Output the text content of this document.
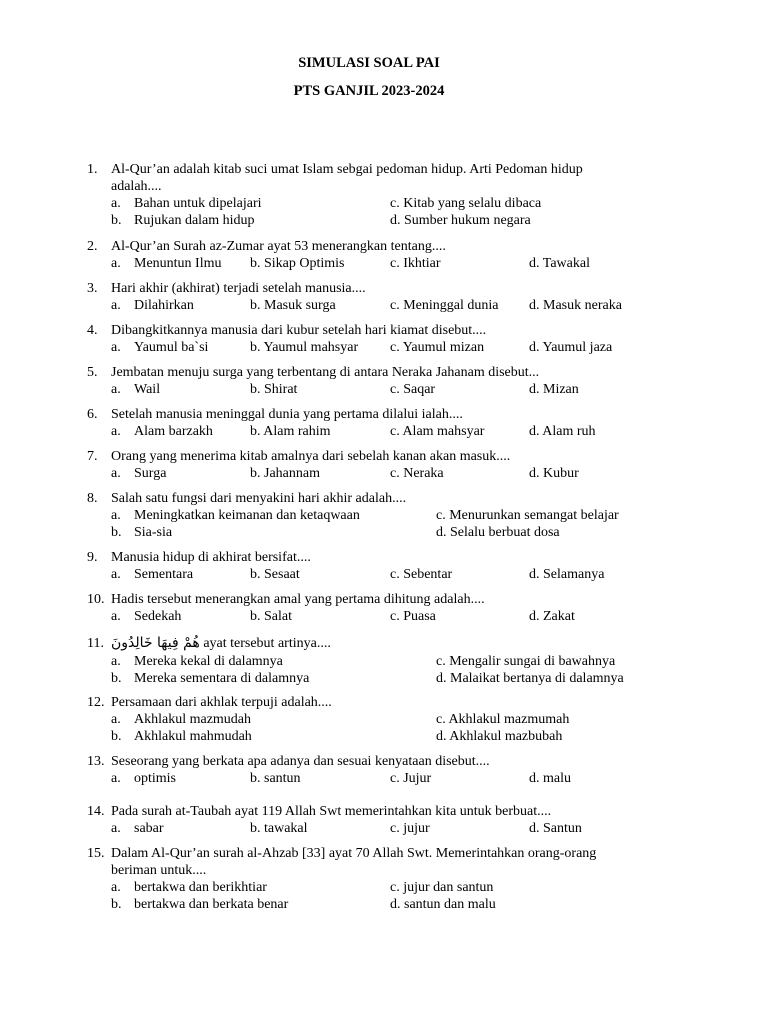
SIMULASI SOAL PAI
PTS GANJIL 2023-2024
1. Al-Qur’an adalah kitab suci umat Islam sebgai pedoman hidup. Arti Pedoman hidup
adalah....
a. Bahan untuk dipelajari	c. Kitab yang selalu dibaca
b. Rujukan dalam hidup	d. Sumber hukum negara
2. Al-Qur’an Surah az-Zumar ayat 53 menerangkan tentang....
a. Menuntun Ilmu b. Sikap Optimis	c. Ikhtiar	d. Tawakal
3. Hari akhir (akhirat) terjadi setelah manusia....
a. Dilahirkan	b. Masuk surga	c. Meninggal dunia d. Masuk neraka
4. Dibangkitkannya manusia dari kubur setelah hari kiamat disebut....
a. Yaumul ba`si	b. Yaumul mahsyar c. Yaumul mizan	d. Yaumul jaza
5. Jembatan menuju surga yang terbentang di antara Neraka Jahanam disebut...
a. Wail	b. Shirat	c. Saqar	d. Mizan
6. Setelah manusia meninggal dunia yang pertama dilalui ialah....
a. Alam barzakh	b. Alam rahim	c. Alam mahsyar	d. Alam ruh
7. Orang yang menerima kitab amalnya dari sebelah kanan akan masuk....
a. Surga	b. Jahannam	c. Neraka	d. Kubur
8. Salah satu fungsi dari menyakini hari akhir adalah....
a. Meningkatkan keimanan dan ketaqwaan	c. Menurunkan semangat belajar
b. Sia-sia	d. Selalu berbuat dosa
9. Manusia hidup di akhirat bersifat....
a. Sementara	b. Sesaat	c. Sebentar	d. Selamanya
10. Hadis tersebut menerangkan amal yang pertama dihitung adalah....
a. Sedekah	b. Salat	c. Puasa	d. Zakat
11. هُمْ فِيهَا خَالِدُونَ ayat tersebut artinya....
a. Mereka kekal di dalamnya	c. Mengalir sungai di bawahnya
b. Mereka sementara di dalamnya	d. Malaikat bertanya di dalamnya
12. Persamaan dari akhlak terpuji adalah....
a. Akhlakul mazmudah	c. Akhlakul mazmumah
b. Akhlakul mahmudah	d. Akhlakul mazbubah
13. Seseorang yang berkata apa adanya dan sesuai kenyataan disebut....
a. optimis	b. santun	c. Jujur	d. malu
14. Pada surah at-Taubah ayat 119 Allah Swt memerintahkan kita untuk berbuat....
a. sabar	b. tawakal	c. jujur	d. Santun
15. Dalam Al-Qur’an surah al-Ahzab [33] ayat 70 Allah Swt. Memerintahkan orang-orang
beriman untuk....
a. bertakwa dan berikhtiar	c. jujur dan santun
b. bertakwa dan berkata benar	d. santun dan malu
